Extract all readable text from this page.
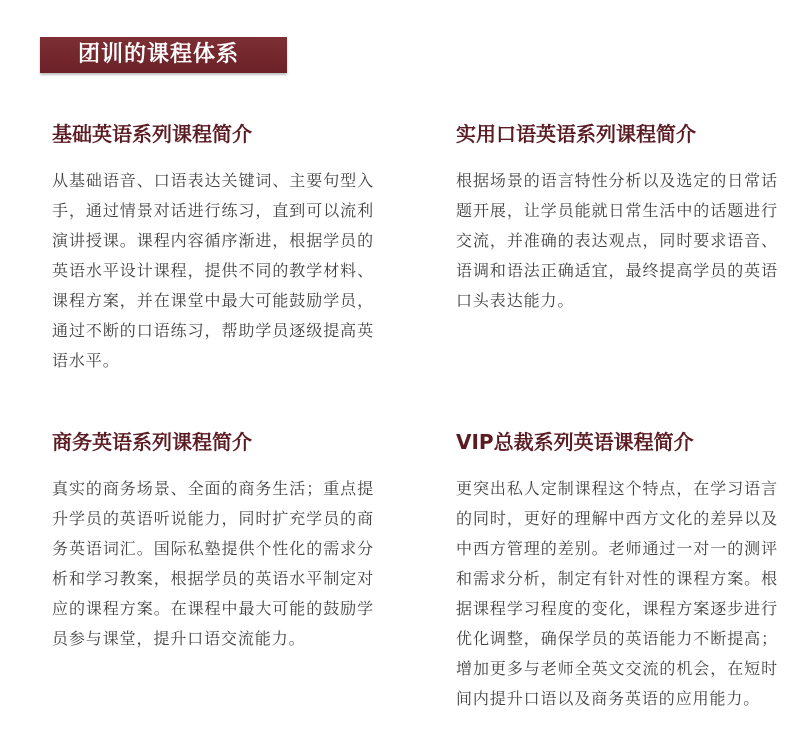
团训的课程体系
基础英语系列课程简介

从基础语音、口语表达关键词、主要句型入手，通过情景对话进行练习，直到可以流利演讲授课。课程内容循序渐进，根据学员的英语水平设计课程，提供不同的教学材料、课程方案，并在课堂中最大可能鼓励学员，通过不断的口语练习，帮助学员逐级提高英语水平。

实用口语英语系列课程简介

根据场景的语言特性分析以及选定的日常话题开展，让学员能就日常生活中的话题进行交流，并准确的表达观点，同时要求语音、语调和语法正确适宜，最终提高学员的英语口头表达能力。

商务英语系列课程简介

真实的商务场景、全面的商务生活；重点提升学员的英语听说能力，同时扩充学员的商务英语词汇。国际私塾提供个性化的需求分析和学习教案，根据学员的英语水平制定对应的课程方案。在课程中最大可能的鼓励学员参与课堂，提升口语交流能力。

VIP总裁系列英语课程简介

更突出私人定制课程这个特点，在学习语言的同时，更好的理解中西方文化的差异以及中西方管理的差别。老师通过一对一的测评和需求分析，制定有针对性的课程方案。根据课程学习程度的变化，课程方案逐步进行优化调整，确保学员的英语能力不断提高；增加更多与老师全英文交流的机会，在短时间内提升口语以及商务英语的应用能力。
